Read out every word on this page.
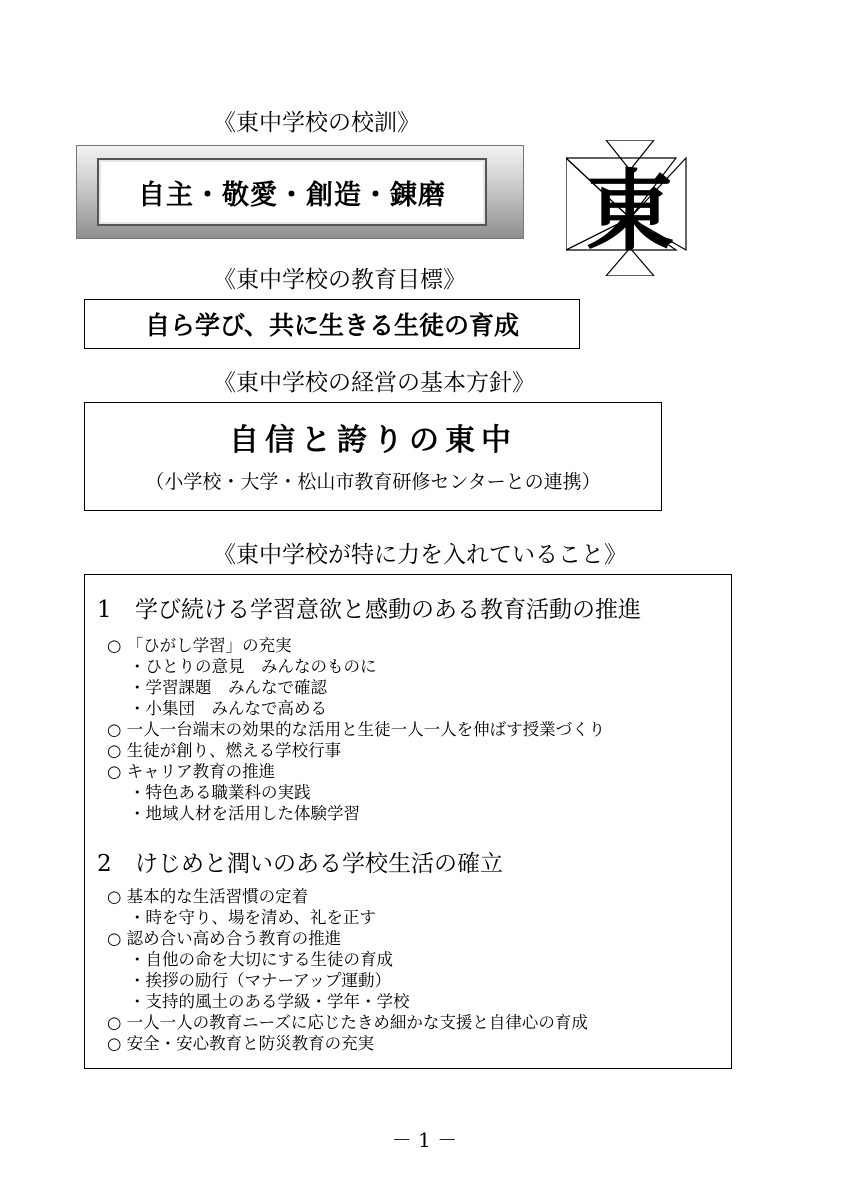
《東中学校の校訓》
自主・敬愛・創造・錬磨 東
《東中学校の教育目標》
自ら学び、共に生きる生徒の育成
《東中学校の経営の基本方針》
自信と誇りの東中
（小学校・大学・松山市教育研修センターとの連携）
《東中学校が特に力を入れていること》
1 学び続ける学習意欲と感動のある教育活動の推進
○ 「ひがし学習」の充実
・ひとりの意見　みんなのものに
・学習課題　みんなで確認
・小集団　みんなで高める
○ 一人一台端末の効果的な活用と生徒一人一人を伸ばす授業づくり
○ 生徒が創り、燃える学校行事
○ キャリア教育の推進
・特色ある職業科の実践
・地域人材を活用した体験学習
2 けじめと潤いのある学校生活の確立
○ 基本的な生活習慣の定着
・時を守り、場を清め、礼を正す
○ 認め合い高め合う教育の推進
・自他の命を大切にする生徒の育成
・挨拶の励行（マナーアップ運動）
・支持的風土のある学級・学年・学校
○ 一人一人の教育ニーズに応じたきめ細かな支援と自律心の育成
○ 安全・安心教育と防災教育の充実
－ 1 －
